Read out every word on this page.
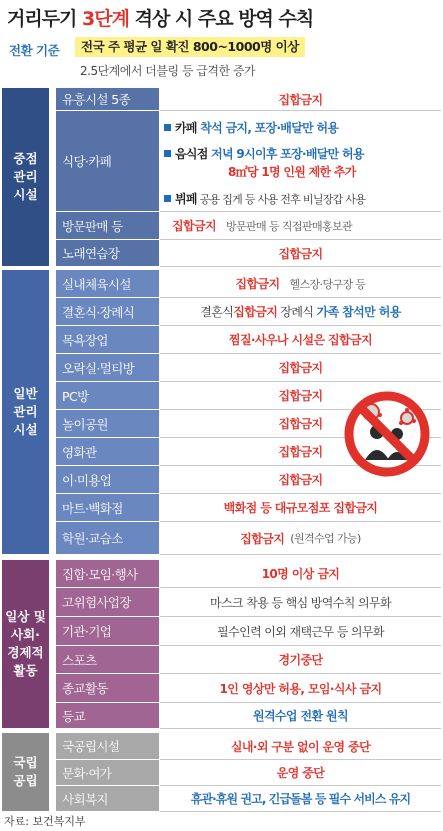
거리두기 3단계 격상 시 주요 방역 수칙
전환 기준	전국 주 평균 일 확진 800~1000명 이상
2.5단계에서 더블링 등 급격한 증가
중점
관리
시설
유흥시설 5종	집합금지
식당·카페
카페 착석 금지, 포장·배달만 허용
음식점 저녁 9시이후 포장·배달만 허용
8㎡당 1명 인원 제한 추가
뷔페 공용 집게 등 사용 전후 비닐장갑 사용
방문판매 등	집합금지 방문판매 등 직접판매홍보관
노래연습장	집합금지
일반
관리
시설
실내체육시설	집합금지 헬스장·당구장 등
결혼식·장례식	결혼식 집합금지 장례식 가족 참석만 허용
목욕장업	찜질·사우나 시설은 집합금지
오락실·멀티방	집합금지
PC방	집합금지
놀이공원	집합금지
영화관	집합금지
이·미용업	집합금지
마트·백화점	백화점 등 대규모점포 집합금지
학원·교습소	집합금지 (원격수업 가능)
일상 및
사회·
경제적
활동
집합·모임·행사	10명 이상 금지
고위험사업장	마스크 착용 등 핵심 방역수칙 의무화
기관·기업	필수인력 이외 재택근무 등 의무화
스포츠	경기중단
종교활동	1인 영상만 허용, 모임·식사 금지
등교	원격수업 전환 원칙
국립
공립
국공립시설	실내·외 구분 없이 운영 중단
문화·여가	운영 중단
사회복지	휴관·휴원 권고, 긴급돌봄 등 필수 서비스 유지
자료: 보건복지부
